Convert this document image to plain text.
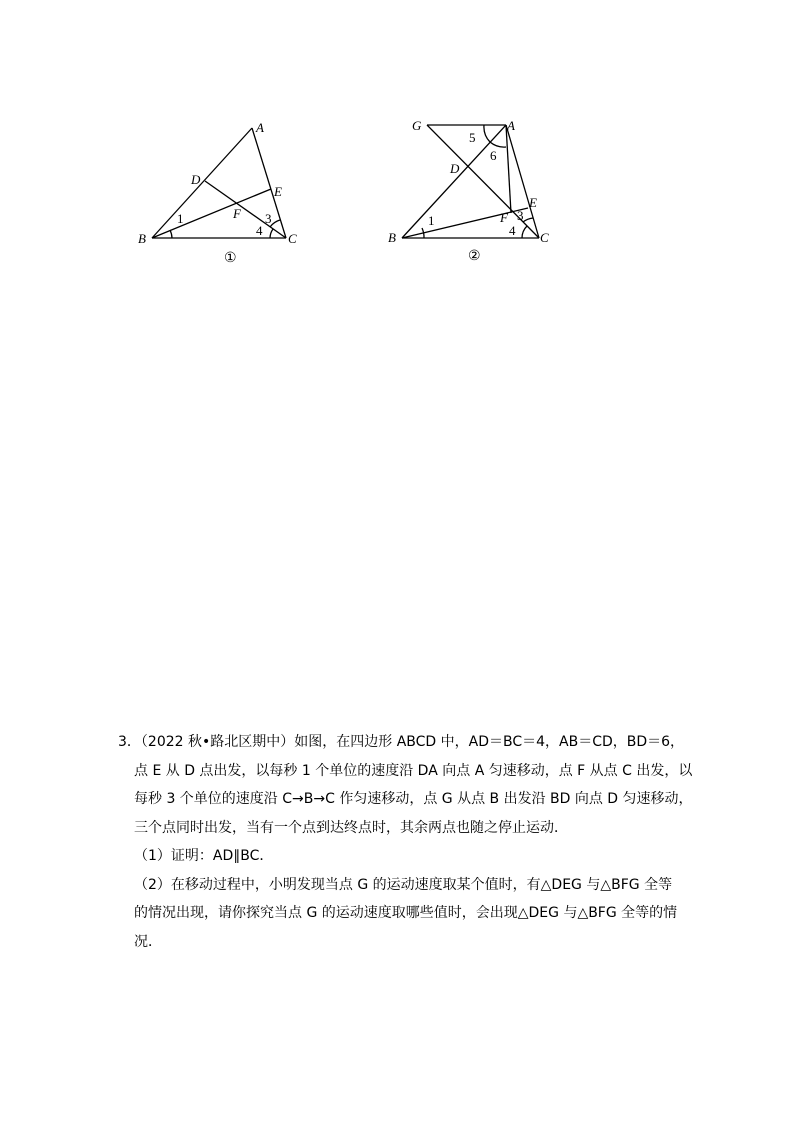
A
B	C
D
E
F
1	3
4
①
G	A
B	C
D
E
F
1
5
6
3
4
②

3．（2022 秋•路北区期中）如图，在四边形 ABCD 中，AD＝BC＝4，AB＝CD，BD＝6，

点 E 从 D 点出发，以每秒 1 个单位的速度沿 DA 向点 A 匀速移动，点 F 从点 C 出发，以

每秒 3 个单位的速度沿 C→B→C 作匀速移动，点 G 从点 B 出发沿 BD 向点 D 匀速移动，

三个点同时出发，当有一个点到达终点时，其余两点也随之停止运动．

（1）证明：AD∥BC．

（2）在移动过程中，小明发现当点 G 的运动速度取某个值时，有△DEG 与△BFG 全等

的情况出现，请你探究当点 G 的运动速度取哪些值时，会出现△DEG 与△BFG 全等的情

况．
